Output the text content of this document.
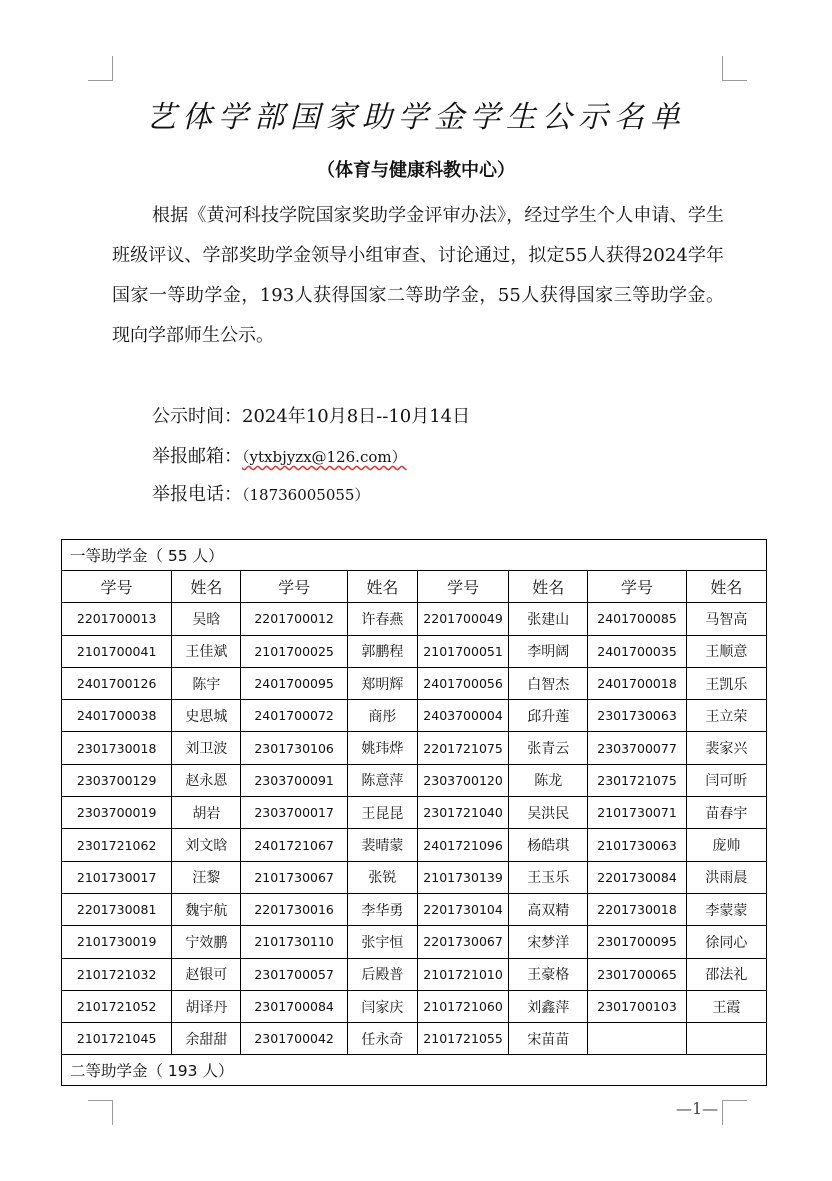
艺体学部国家助学金学生公示名单
（体育与健康科教中心）

根据《黄河科技学院国家奖助学金评审办法》，经过学生个人申请、学生班级评议、学部奖助学金领导小组审查、讨论通过，拟定55人获得2024学年国家一等助学金，193人获得国家二等助学金，55人获得国家三等助学金。现向学部师生公示。

公示时间：2024年10月8日--10月14日
举报邮箱：（ytxbjyzx@126.com）
举报电话：（18736005055）
一等助学金（ 55 人）							
学号	姓名	学号	姓名	学号	姓名	学号	姓名
2201700013	吴晗	2201700012	许春燕	2201700049	张建山	2401700085	马智高
2101700041	王佳斌	2101700025	郭鹏程	2101700051	李明阔	2401700035	王顺意
2401700126	陈宇	2401700095	郑明辉	2401700056	白智杰	2401700018	王凯乐
2401700038	史思城	2401700072	商彤	2403700004	邱升莲	2301730063	王立荣
2301730018	刘卫波	2301730106	姚玮烨	2201721075	张青云	2303700077	裴家兴
2303700129	赵永恩	2303700091	陈意萍	2303700120	陈龙	2301721075	闫可昕
2303700019	胡岩	2303700017	王昆昆	2301721040	吴洪民	2101730071	苗春宇
2301721062	刘文晗	2401721067	裴晴蒙	2401721096	杨皓琪	2101730063	庞帅
2101730017	汪黎	2101730067	张锐	2101730139	王玉乐	2201730084	洪雨晨
2201730081	魏宇航	2201730016	李华勇	2201730104	高双精	2201730018	李蒙蒙
2101730019	宁效鹏	2101730110	张宇恒	2201730067	宋梦洋	2301700095	徐同心
2101721032	赵银可	2301700057	后殿普	2101721010	王豪格	2301700065	邵法礼
2101721052	胡译丹	2301700084	闫家庆	2101721060	刘鑫萍	2301700103	王霞
2101721045	余甜甜	2301700042	任永奇	2101721055	宋苗苗		
二等助学金（ 193 人）							
—1—
